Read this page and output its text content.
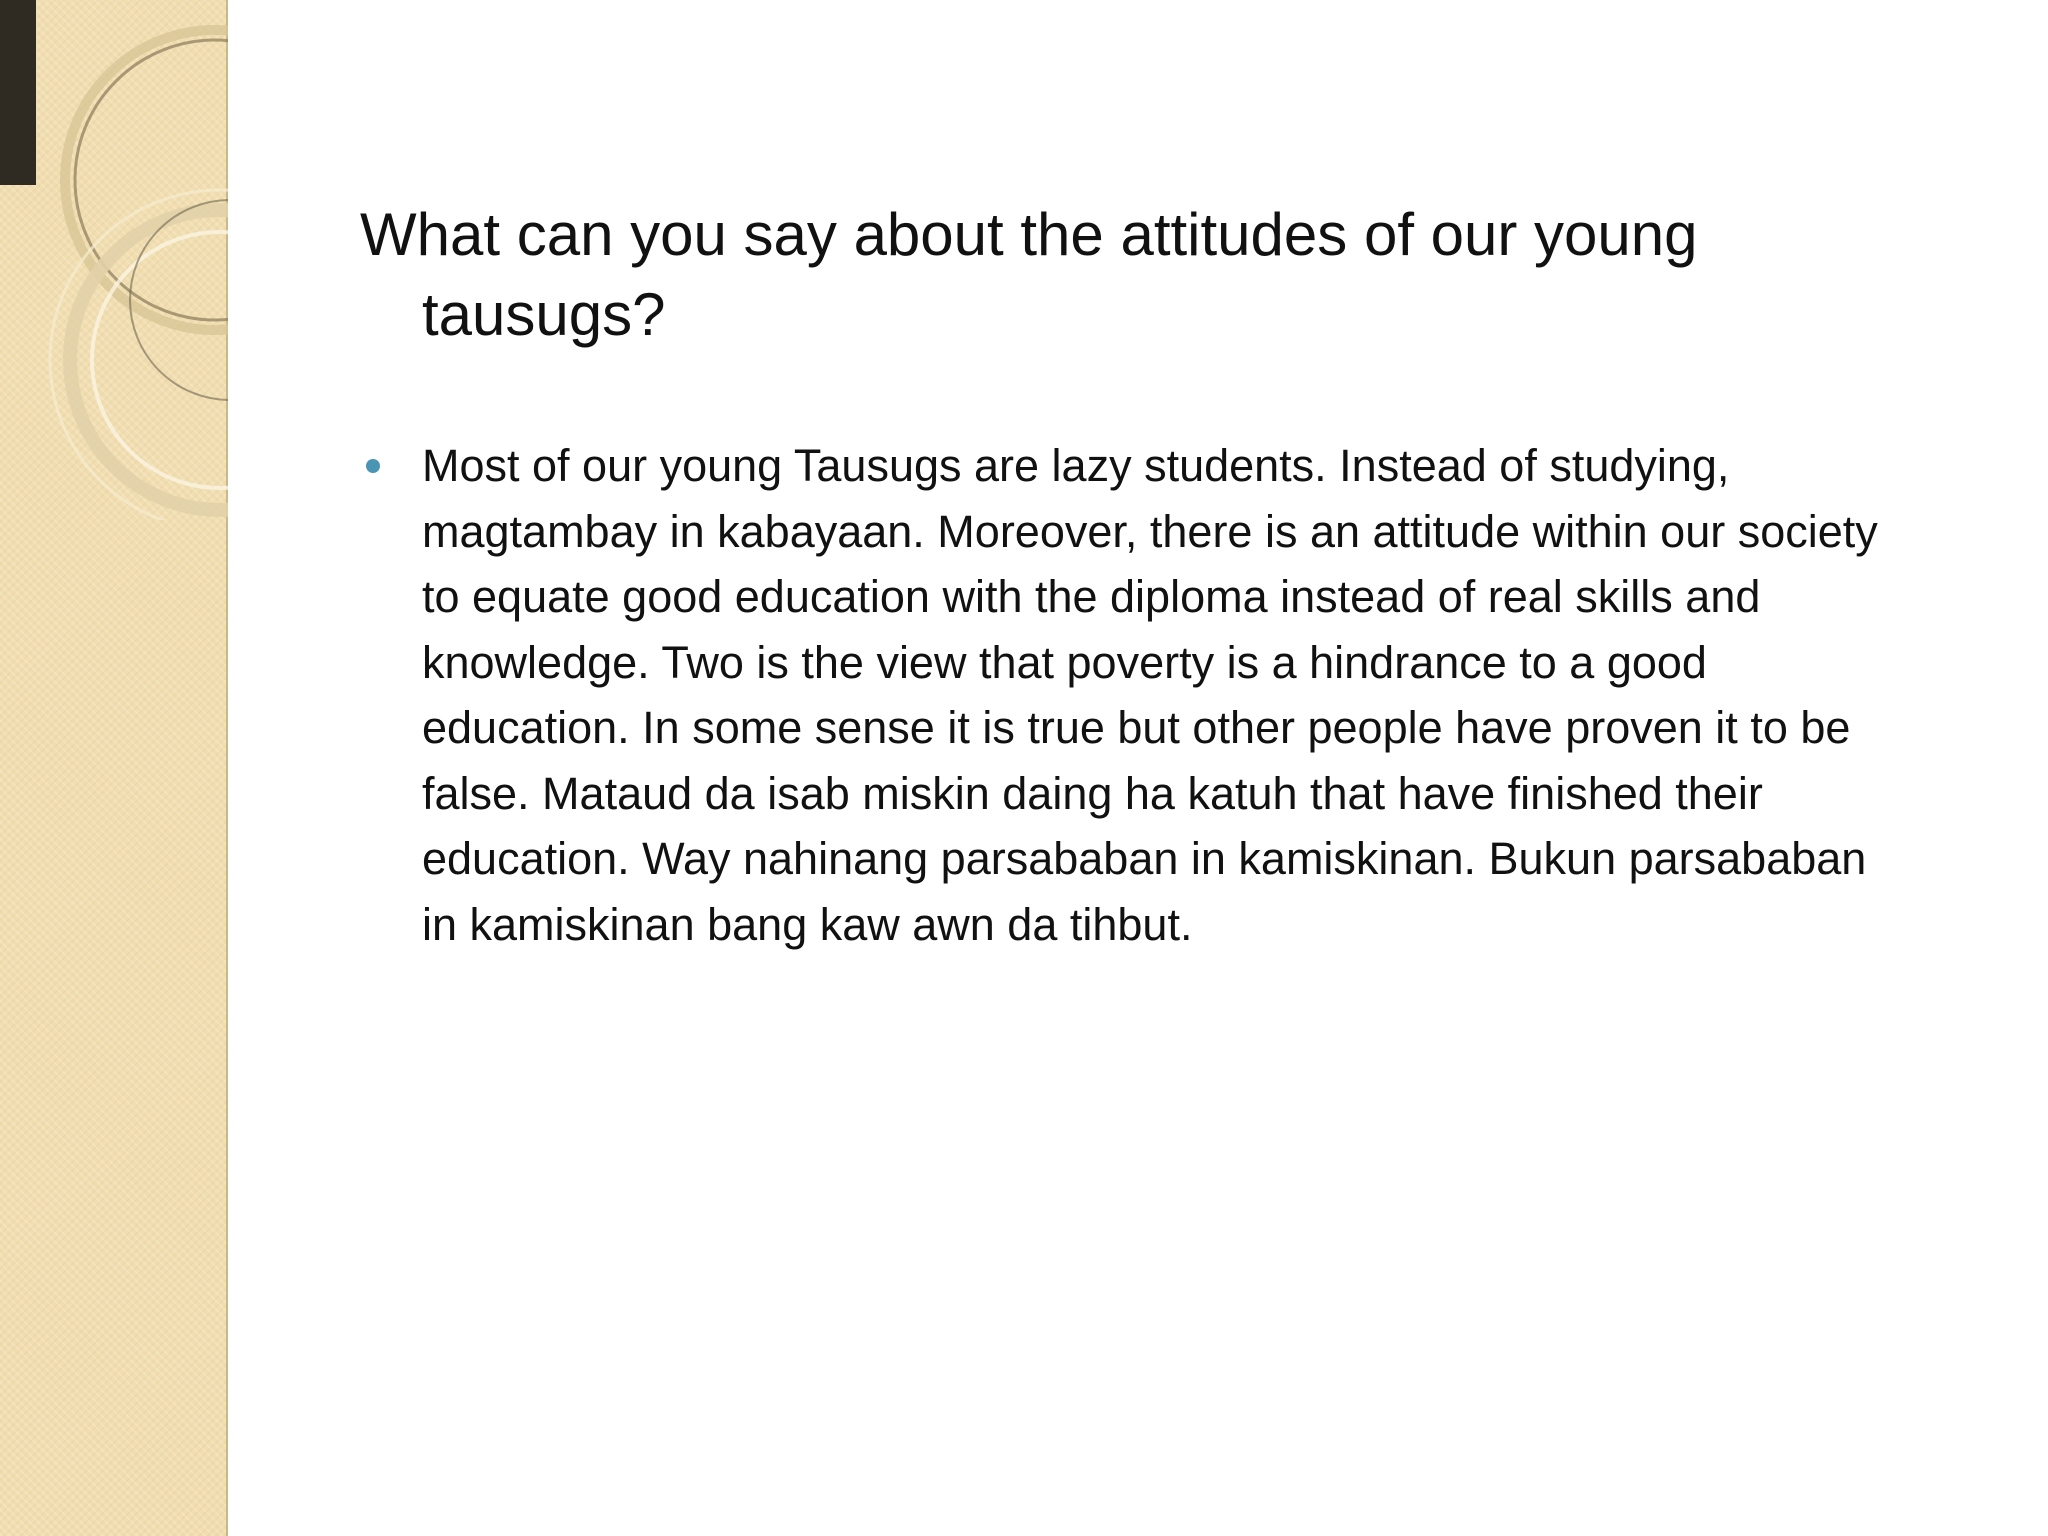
What can you say about the attitudes of our young tausugs?
Most of our young Tausugs are lazy students. Instead of studying, magtambay in kabayaan. Moreover, there is an attitude within our society to equate good education with the diploma instead of real skills and knowledge. Two is the view that poverty is a hindrance to a good education. In some sense it is true but other people have proven it to be false. Mataud da isab miskin daing ha katuh that have finished their education. Way nahinang parsababan in kamiskinan. Bukun parsababan in kamiskinan bang kaw awn da tihbut.
